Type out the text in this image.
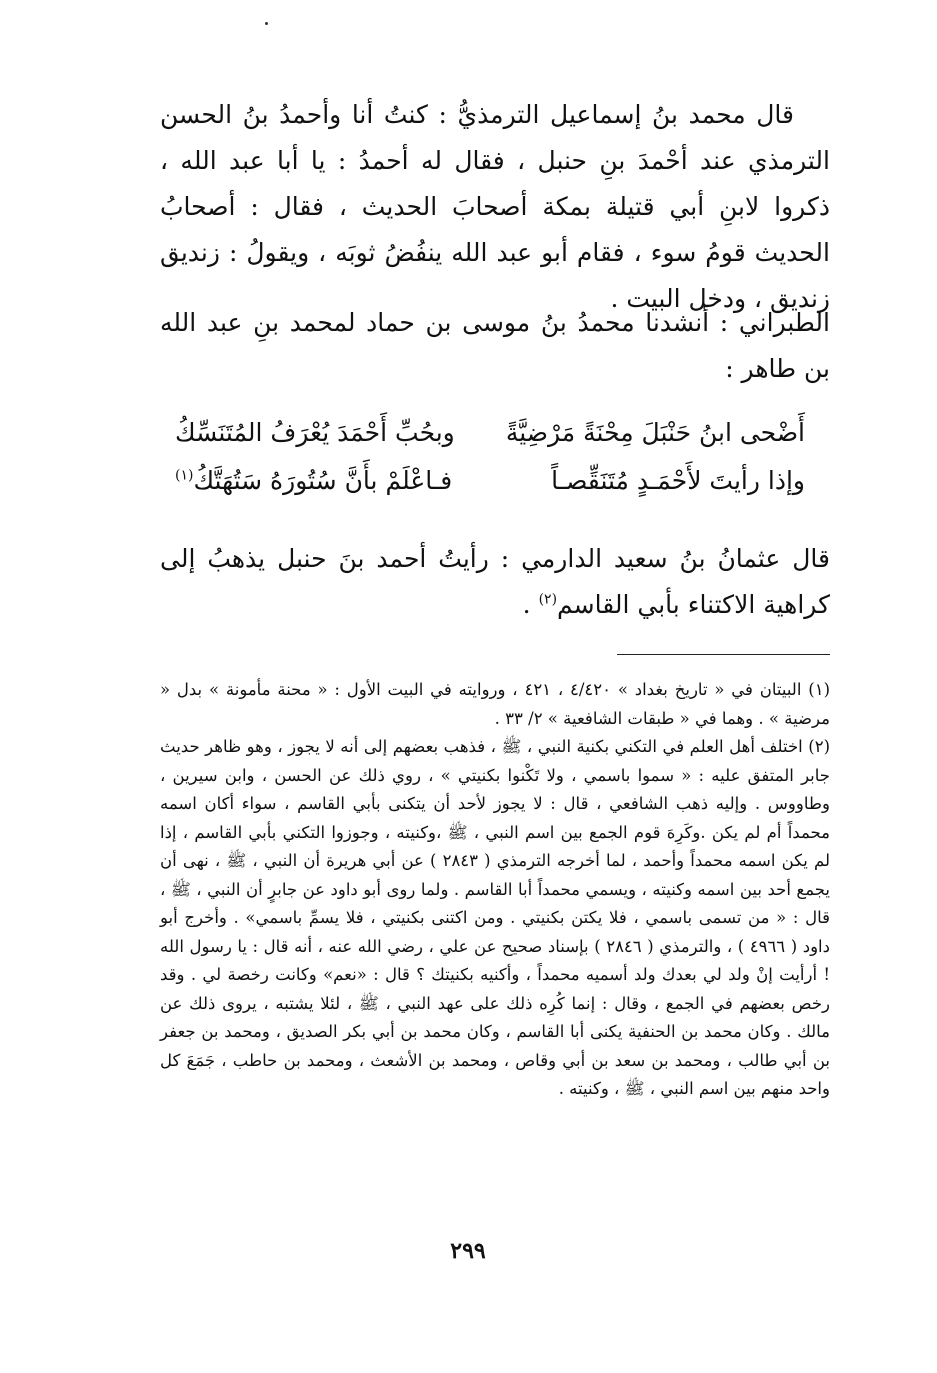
قال محمد بنُ إسماعيل الترمذيُّ : كنتُ أنا وأحمدُ بنُ الحسن الترمذي عند أحْمدَ بنِ حنبل ، فقال له أحمدُ : يا أبا عبد الله ، ذكروا لابنِ أبي قتيلة بمكة أصحابَ الحديث ، فقال : أصحابُ الحديث قومُ سوء ، فقام أبو عبد الله ينفُضُ ثوبَه ، ويقولُ : زنديق زنديق ، ودخل البيت .
الطبراني : أنشدنا محمدُ بنُ موسى بن حماد لمحمد بنِ عبد الله بن طاهر :
أَضْحى ابنُ حَنْبَلَ مِحْنَةً مَرْضِيَّةً
وبحُبِّ أَحْمَدَ يُعْرَفُ المُتَنَسِّكُ
وإذا رأيتَ لأَحْمَـدٍ مُتَنَقِّصـاً
فـاعْلَمْ بأَنَّ سُتُورَهُ سَتُهَتَّكُ$^{(١)}$
قال عثمانُ بنُ سعيد الدارمي : رأيتُ أحمد بنَ حنبل يذهبُ إلى كراهية الاكتناء بأبي القاسم$^{(٢)}$ .

(١) البيتان في « تاريخ بغداد » ٤/٤٢٠ ، ٤٢١ ، وروايته في البيت الأول : « محنة مأمونة » بدل « مرضية » . وهما في « طبقات الشافعية » ٢/ ٣٣ .

(٢) اختلف أهل العلم في التكني بكنية النبي ، ﷺ ، فذهب بعضهم إلى أنه لا يجوز ، وهو ظاهر حديث جابر المتفق عليه : « سموا باسمي ، ولا تَكْنوا بكنيتي » ، روي ذلك عن الحسن ، وابن سيرين ، وطاووس . وإليه ذهب الشافعي ، قال : لا يجوز لأحد أن يتكنى بأبي القاسم ، سواء أكان اسمه محمداً أم لم يكن .وكَرِهَ قوم الجمع بين اسم النبي ، ﷺ ،وكنيته ، وجوزوا التكني بأبي القاسم ، إذا لم يكن اسمه محمداً وأحمد ، لما أخرجه الترمذي ( ٢٨٤٣ ) عن أبي هريرة أن النبي ، ﷺ ، نهى أن يجمع أحد بين اسمه وكنيته ، ويسمي محمداً أبا القاسم . ولما روى أبو داود عن جابرٍ أن النبي ، ﷺ ، قال : « من تسمى باسمي ، فلا يكتن بكنيتي . ومن اكتنى بكنيتي ، فلا يسمِّ باسمي» . وأخرج أبو داود ( ٤٩٦٦ ) ، والترمذي ( ٢٨٤٦ ) بإسناد صحيح عن علي ، رضي الله عنه ، أنه قال : يا رسول الله ! أرأيت إنْ ولد لي بعدك ولد أسميه محمداً ، وأكنيه بكنيتك ؟ قال : «نعم» وكانت رخصة لي . وقد رخص بعضهم في الجمع ، وقال : إنما كُرِه ذلك على عهد النبي ، ﷺ ، لئلا يشتبه ، يروى ذلك عن مالك . وكان محمد بن الحنفية يكنى أبا القاسم ، وكان محمد بن أبي بكر الصديق ، ومحمد بن جعفر بن أبي طالب ، ومحمد بن سعد بن أبي وقاص ، ومحمد بن الأشعث ، ومحمد بن حاطب ، جَمَعَ كل واحد منهم بين اسم النبي ، ﷺ ، وكنيته .

٢٩٩
